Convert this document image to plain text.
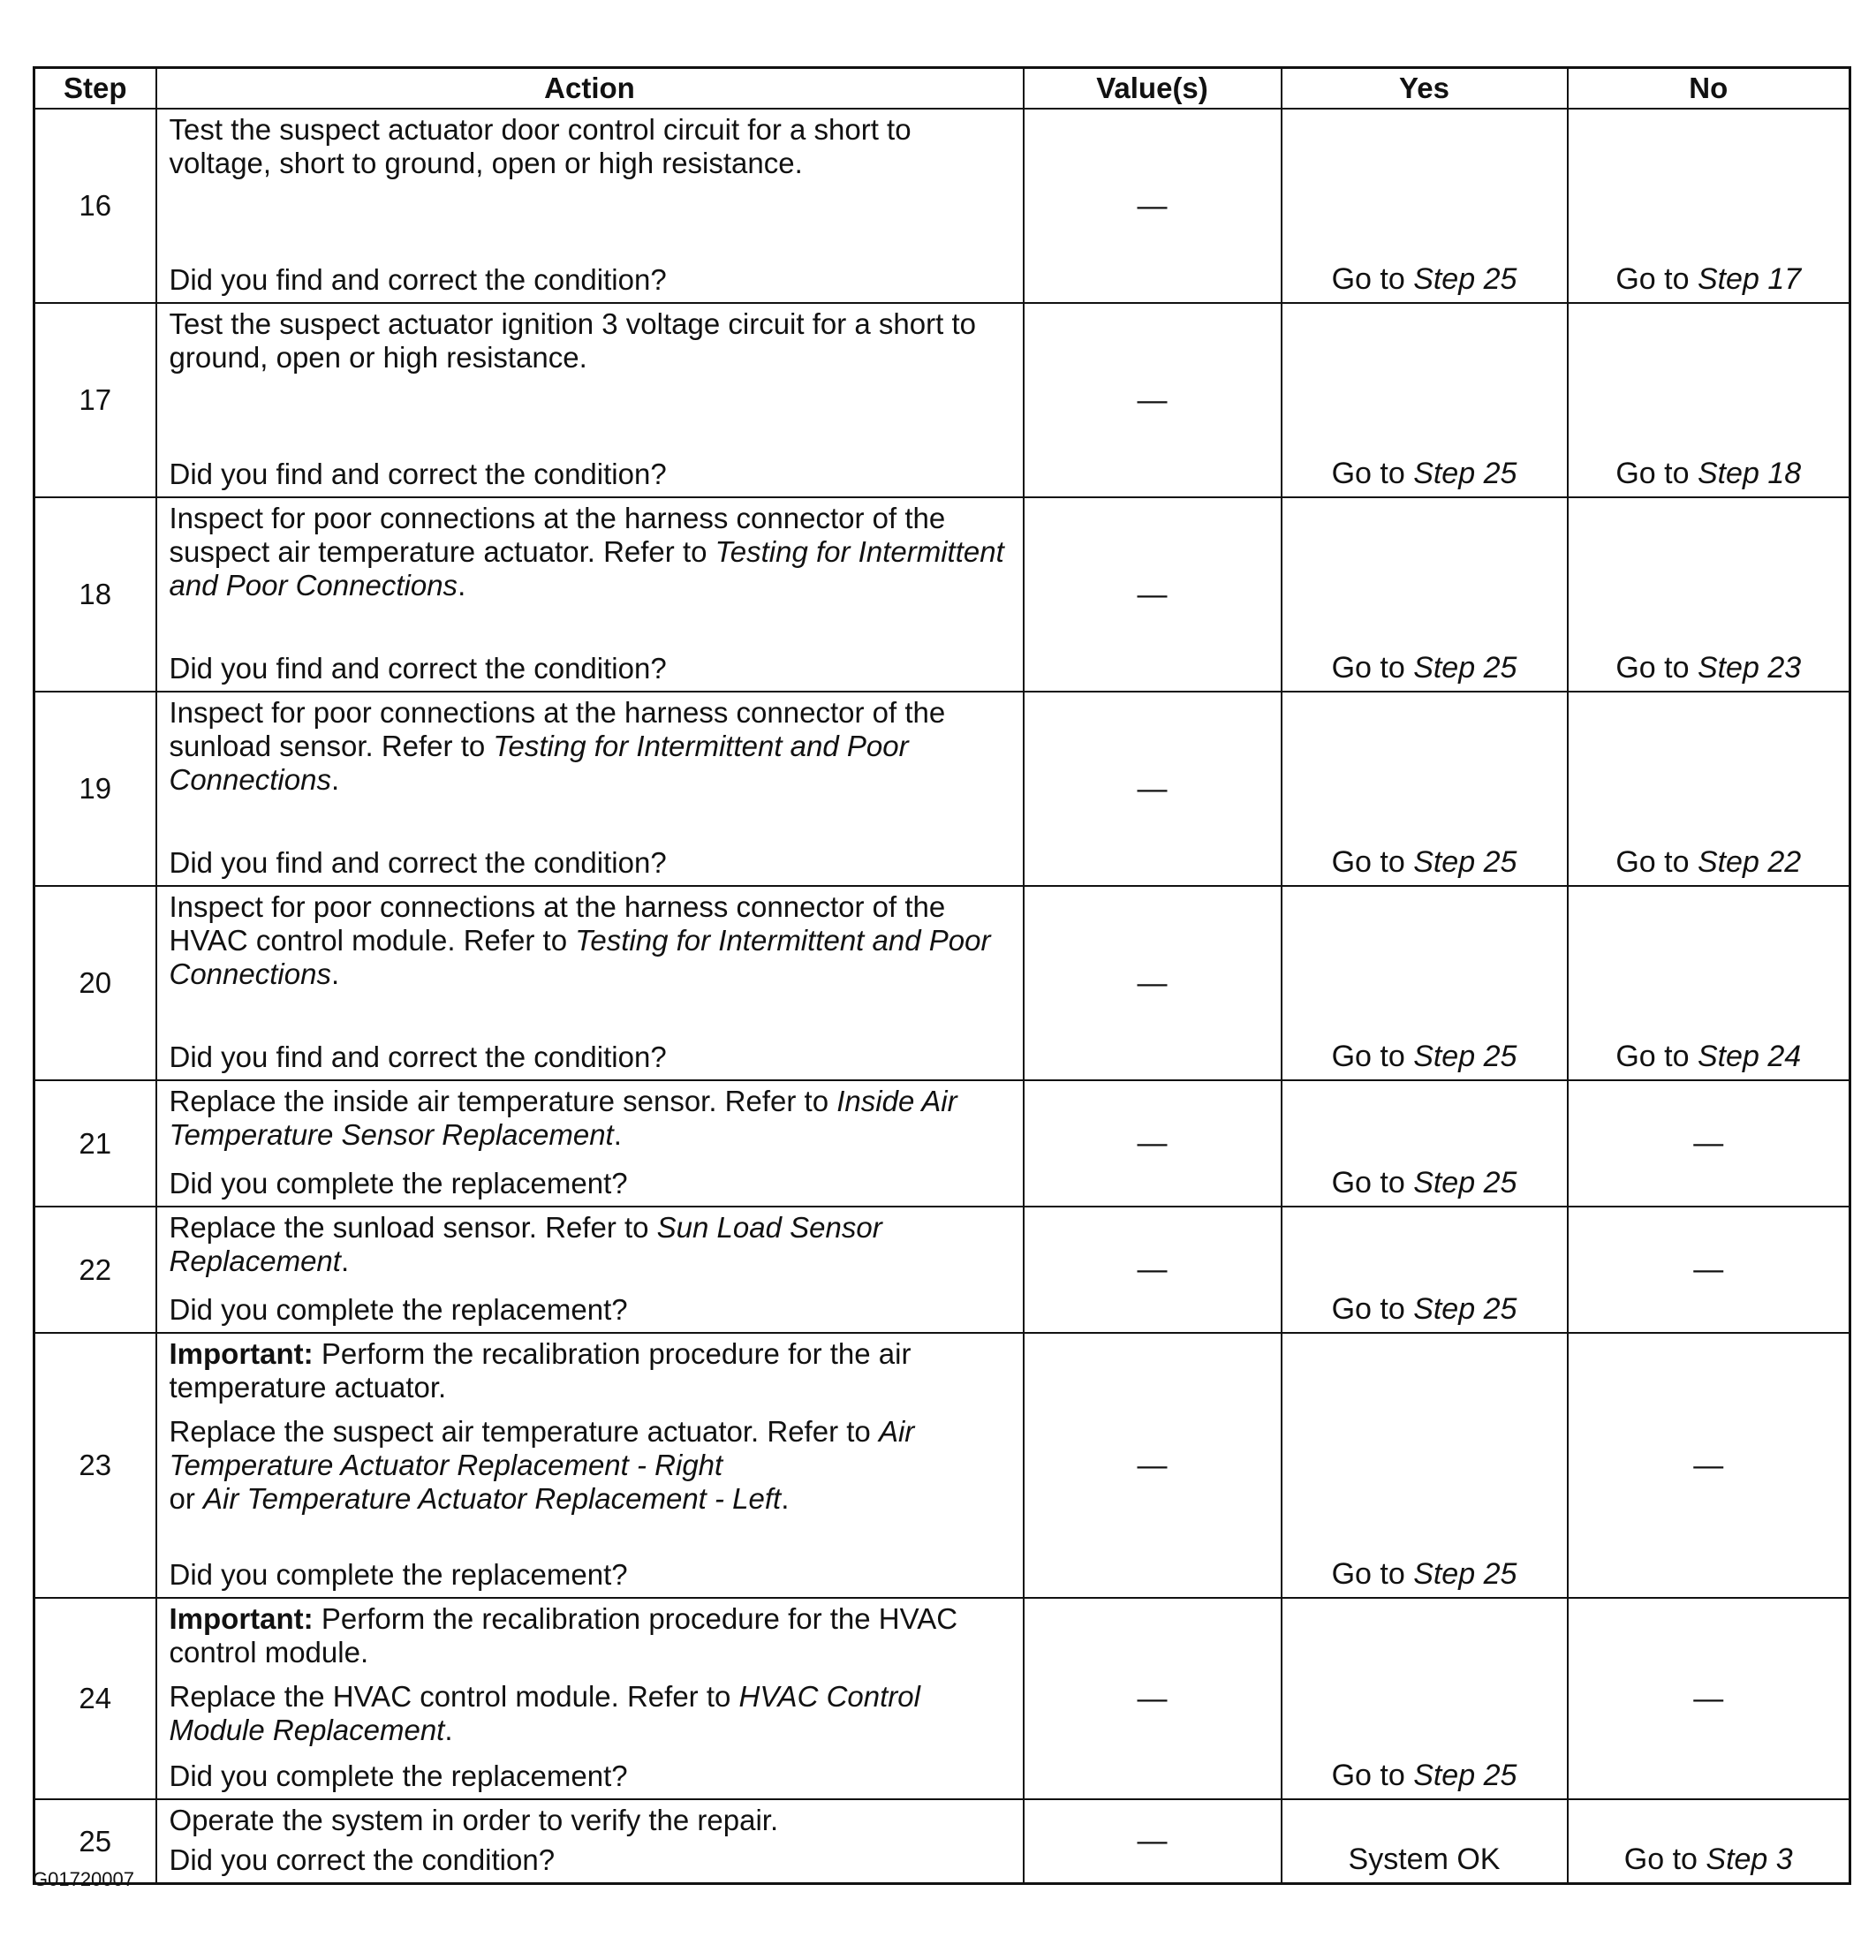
Step	Action	Value(s)	Yes	No
16	Test the suspect actuator door control circuit for a short to voltage, short to ground, open or high resistance.

Did you find and correct the condition?	—	Go to Step 25	Go to Step 17

17	Test the suspect actuator ignition 3 voltage circuit for a short to ground, open or high resistance.

Did you find and correct the condition?	—	Go to Step 25	Go to Step 18

18	Inspect for poor connections at the harness connector of the suspect air temperature actuator. Refer to Testing for Intermittent and Poor Connections.

Did you find and correct the condition?	—	Go to Step 25	Go to Step 23

19	Inspect for poor connections at the harness connector of the sunload sensor. Refer to Testing for Intermittent and Poor Connections.

Did you find and correct the condition?	—	Go to Step 25	Go to Step 22

20	Inspect for poor connections at the harness connector of the HVAC control module. Refer to Testing for Intermittent and Poor Connections.

Did you find and correct the condition?	—	Go to Step 25	Go to Step 24

21	Replace the inside air temperature sensor. Refer to Inside Air Temperature Sensor Replacement.

Did you complete the replacement?	—	Go to Step 25	—

22	Replace the sunload sensor. Refer to Sun Load Sensor Replacement.

Did you complete the replacement?	—	Go to Step 25	—

23	Important: Perform the recalibration procedure for the air temperature actuator.

Replace the suspect air temperature actuator. Refer to Air Temperature Actuator Replacement - Right
or Air Temperature Actuator Replacement - Left.

Did you complete the replacement?	—	Go to Step 25	—

24	Important: Perform the recalibration procedure for the HVAC control module.

Replace the HVAC control module. Refer to HVAC Control Module Replacement.

Did you complete the replacement?	—	Go to Step 25	—

25	Operate the system in order to verify the repair.

Did you correct the condition?	—	System OK	Go to Step 3
G01720007
